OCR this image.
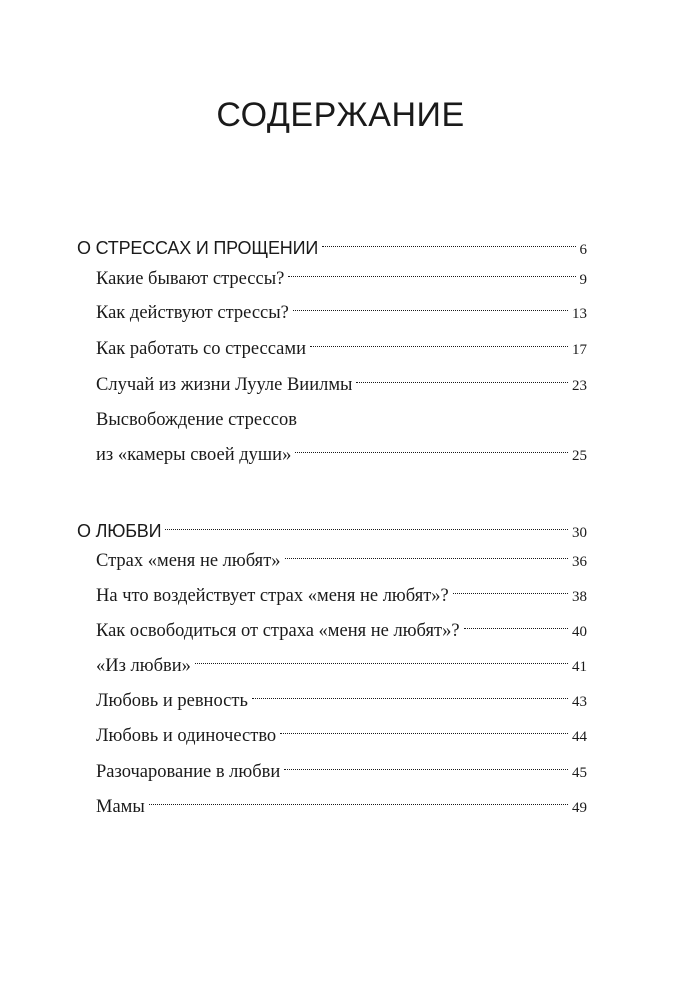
СОДЕРЖАНИЕ
О СТРЕССАХ И ПРОЩЕНИИ	6
Какие бывают стрессы?	9
Как действуют стрессы?	13
Как работать со стрессами	17
Случай из жизни Лууле Виилмы	23
Высвобождение стрессов
из «камеры своей души»	25
О ЛЮБВИ	30
Страх «меня не любят»	36
На что воздействует страх «меня не любят»?	38
Как освободиться от страха «меня не любят»?	40
«Из любви»	41
Любовь и ревность	43
Любовь и одиночество	44
Разочарование в любви	45
Мамы	49
